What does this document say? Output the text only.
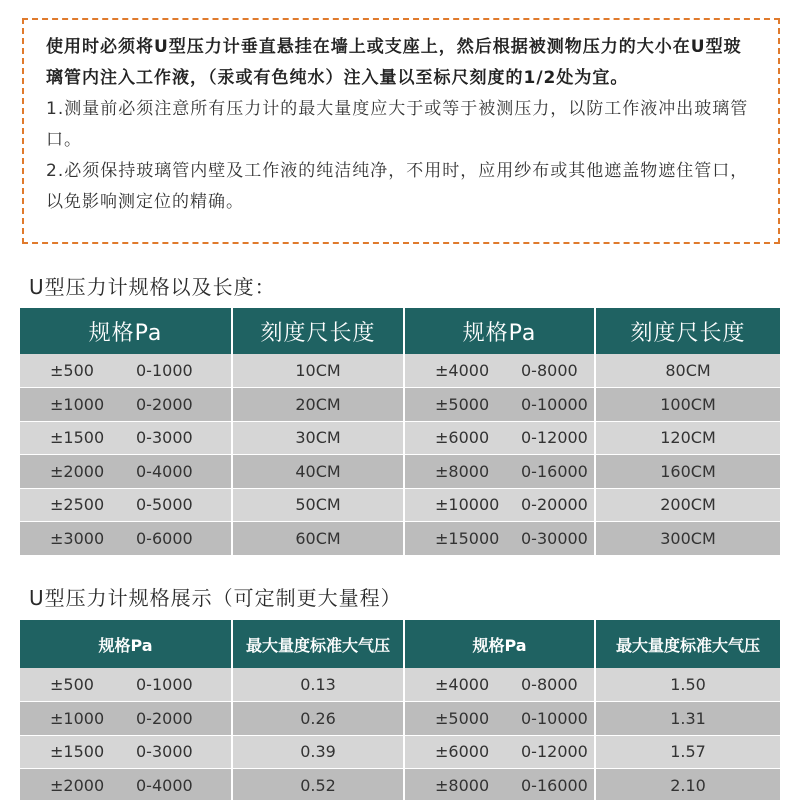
使用时必须将U型压力计垂直悬挂在墙上或支座上，然后根据被测物压力的大小在U型玻璃管内注入工作液，（汞或有色纯水）注入量以至标尺刻度的1/2处为宜。

1.测量前必须注意所有压力计的最大量度应大于或等于被测压力，以防工作液冲出玻璃管口。

2.必须保持玻璃管内壁及工作液的纯洁纯净，不用时，应用纱布或其他遮盖物遮住管口，以免影响测定位的精确。

U型压力计规格以及长度：
规格Pa	刻度尺长度	规格Pa	刻度尺长度
±500 0-1000	10CM	±4000 0-8000	80CM
±1000 0-2000	20CM	±5000 0-10000	100CM
±1500 0-3000	30CM	±6000 0-12000	120CM
±2000 0-4000	40CM	±8000 0-16000	160CM
±2500 0-5000	50CM	±10000 0-20000	200CM
±3000 0-6000	60CM	±15000 0-30000	300CM
U型压力计规格展示（可定制更大量程）
规格Pa	最大量度标准大气压	规格Pa	最大量度标准大气压
±500 0-1000	0.13	±4000 0-8000	1.50
±1000 0-2000	0.26	±5000 0-10000	1.31
±1500 0-3000	0.39	±6000 0-12000	1.57
±2000 0-4000	0.52	±8000 0-16000	2.10
